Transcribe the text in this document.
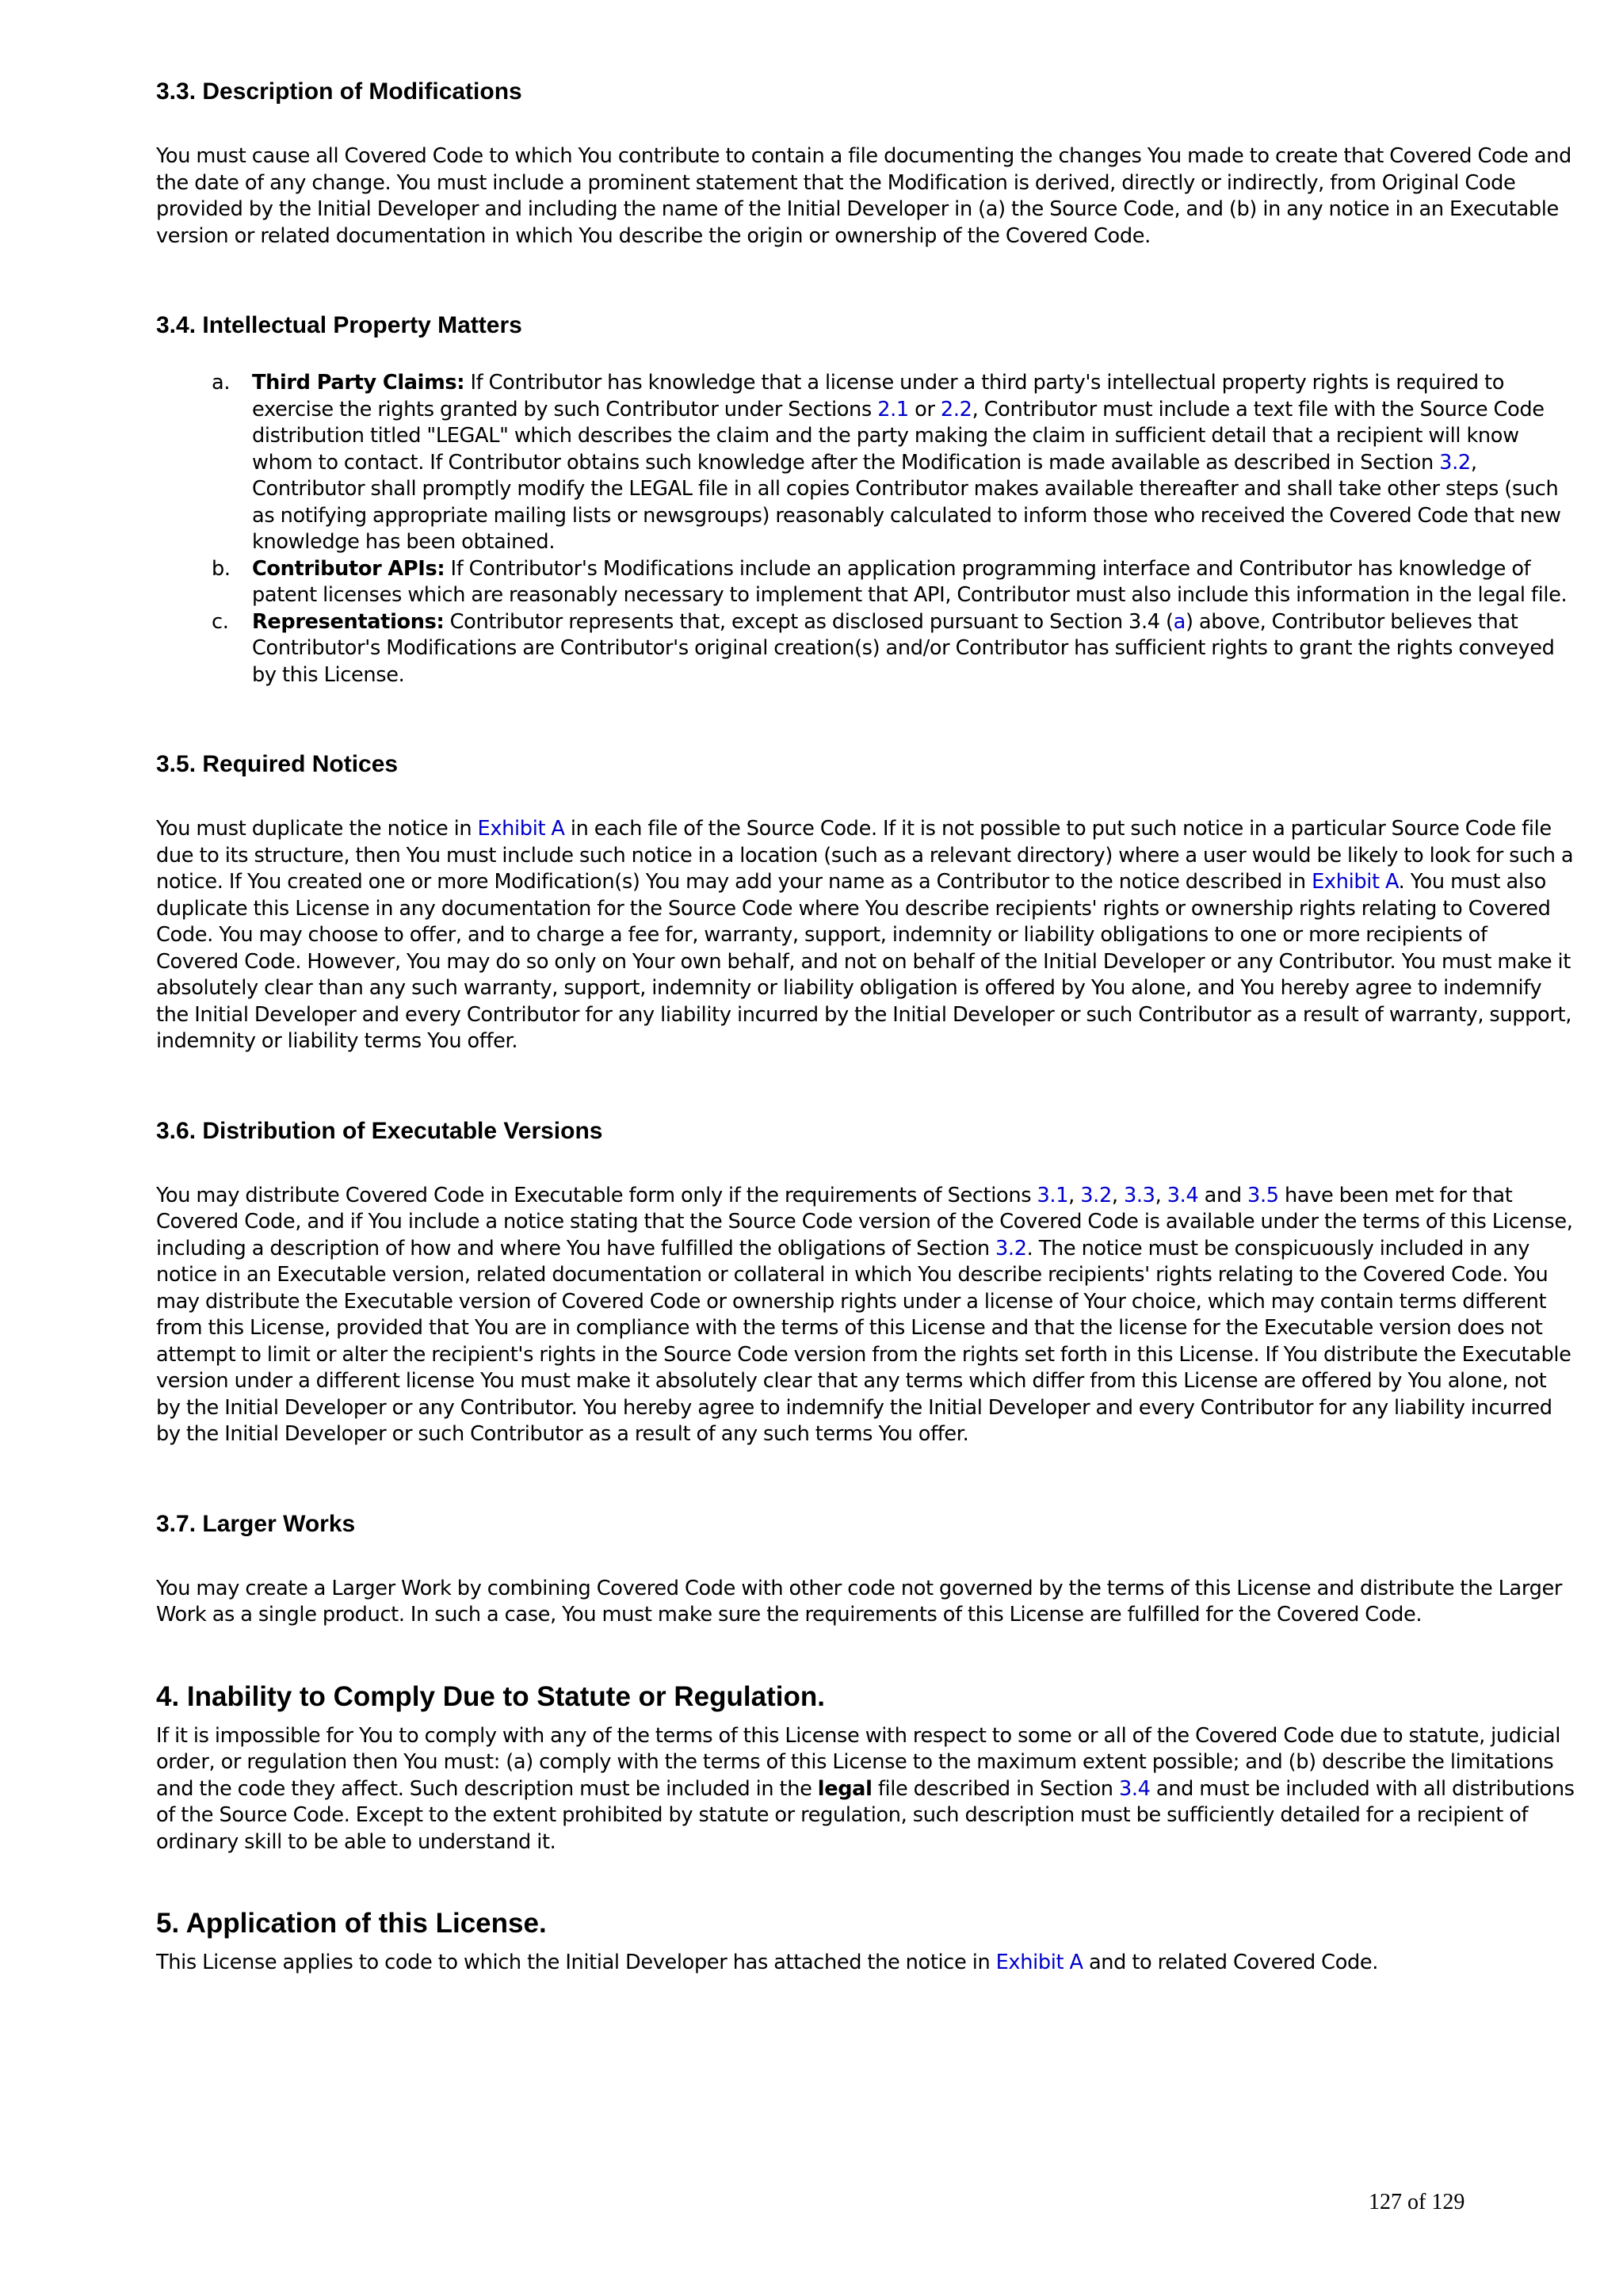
3.3. Description of Modifications

You must cause all Covered Code to which You contribute to contain a file documenting the changes You made to create that Covered Code and the date of any change. You must include a prominent statement that the Modification is derived, directly or indirectly, from Original Code provided by the Initial Developer and including the name of the Initial Developer in (a) the Source Code, and (b) in any notice in an Executable version or related documentation in which You describe the origin or ownership of the Covered Code.

3.4. Intellectual Property Matters
a. Third Party Claims: If Contributor has knowledge that a license under a third party's intellectual property rights is required to exercise the rights granted by such Contributor under Sections 2.1 or 2.2, Contributor must include a text file with the Source Code distribution titled "LEGAL" which describes the claim and the party making the claim in sufficient detail that a recipient will know whom to contact. If Contributor obtains such knowledge after the Modification is made available as described in Section 3.2, Contributor shall promptly modify the LEGAL file in all copies Contributor makes available thereafter and shall take other steps (such as notifying appropriate mailing lists or newsgroups) reasonably calculated to inform those who received the Covered Code that new knowledge has been obtained.
b. Contributor APIs: If Contributor's Modifications include an application programming interface and Contributor has knowledge of patent licenses which are reasonably necessary to implement that API, Contributor must also include this information in the legal file.
c. Representations: Contributor represents that, except as disclosed pursuant to Section 3.4 (a) above, Contributor believes that Contributor's Modifications are Contributor's original creation(s) and/or Contributor has sufficient rights to grant the rights conveyed by this License.
3.5. Required Notices

You must duplicate the notice in Exhibit A in each file of the Source Code. If it is not possible to put such notice in a particular Source Code file due to its structure, then You must include such notice in a location (such as a relevant directory) where a user would be likely to look for such a notice. If You created one or more Modification(s) You may add your name as a Contributor to the notice described in Exhibit A. You must also duplicate this License in any documentation for the Source Code where You describe recipients' rights or ownership rights relating to Covered Code. You may choose to offer, and to charge a fee for, warranty, support, indemnity or liability obligations to one or more recipients of Covered Code. However, You may do so only on Your own behalf, and not on behalf of the Initial Developer or any Contributor. You must make it absolutely clear than any such warranty, support, indemnity or liability obligation is offered by You alone, and You hereby agree to indemnify the Initial Developer and every Contributor for any liability incurred by the Initial Developer or such Contributor as a result of warranty, support, indemnity or liability terms You offer.

3.6. Distribution of Executable Versions

You may distribute Covered Code in Executable form only if the requirements of Sections 3.1, 3.2, 3.3, 3.4 and 3.5 have been met for that Covered Code, and if You include a notice stating that the Source Code version of the Covered Code is available under the terms of this License, including a description of how and where You have fulfilled the obligations of Section 3.2. The notice must be conspicuously included in any notice in an Executable version, related documentation or collateral in which You describe recipients' rights relating to the Covered Code. You may distribute the Executable version of Covered Code or ownership rights under a license of Your choice, which may contain terms different from this License, provided that You are in compliance with the terms of this License and that the license for the Executable version does not attempt to limit or alter the recipient's rights in the Source Code version from the rights set forth in this License. If You distribute the Executable version under a different license You must make it absolutely clear that any terms which differ from this License are offered by You alone, not by the Initial Developer or any Contributor. You hereby agree to indemnify the Initial Developer and every Contributor for any liability incurred by the Initial Developer or such Contributor as a result of any such terms You offer.

3.7. Larger Works

You may create a Larger Work by combining Covered Code with other code not governed by the terms of this License and distribute the Larger Work as a single product. In such a case, You must make sure the requirements of this License are fulfilled for the Covered Code.

4. Inability to Comply Due to Statute or Regulation.

If it is impossible for You to comply with any of the terms of this License with respect to some or all of the Covered Code due to statute, judicial order, or regulation then You must: (a) comply with the terms of this License to the maximum extent possible; and (b) describe the limitations and the code they affect. Such description must be included in the legal file described in Section 3.4 and must be included with all distributions of the Source Code. Except to the extent prohibited by statute or regulation, such description must be sufficiently detailed for a recipient of ordinary skill to be able to understand it.

5. Application of this License.

This License applies to code to which the Initial Developer has attached the notice in Exhibit A and to related Covered Code.

127 of 129
